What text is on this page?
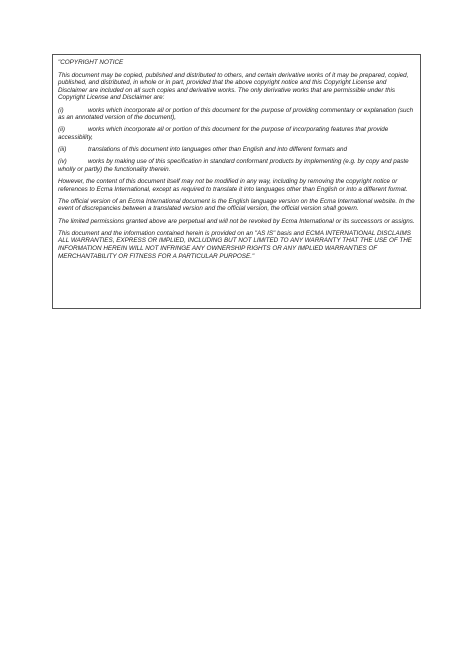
"COPYRIGHT NOTICE

This document may be copied, published and distributed to others, and certain derivative works of it may be prepared, copied, published, and distributed, in whole or in part, provided that the above copyright notice and this Copyright License and Disclaimer are included on all such copies and derivative works. The only derivative works that are permissible under this Copyright License and Disclaimer are:

(i)	works which incorporate all or portion of this document for the purpose of providing commentary or explanation (such as an annotated version of the document),
(ii)	works which incorporate all or portion of this document for the purpose of incorporating features that provide accessibility,
(iii)	translations of this document into languages other than English and into different formats and
(iv)	works by making use of this specification in standard conformant products by implementing (e.g. by copy and paste wholly or partly) the functionality therein.

However, the content of this document itself may not be modified in any way, including by removing the copyright notice or references to Ecma International, except as required to translate it into languages other than English or into a different format.

The official version of an Ecma International document is the English language version on the Ecma International website. In the event of discrepancies between a translated version and the official version, the official version shall govern.

The limited permissions granted above are perpetual and will not be revoked by Ecma International or its successors or assigns.

This document and the information contained herein is provided on an "AS IS" basis and ECMA INTERNATIONAL DISCLAIMS ALL WARRANTIES, EXPRESS OR IMPLIED, INCLUDING BUT NOT LIMITED TO ANY WARRANTY THAT THE USE OF THE INFORMATION HEREIN WILL NOT INFRINGE ANY OWNERSHIP RIGHTS OR ANY IMPLIED WARRANTIES OF MERCHANTABILITY OR FITNESS FOR A PARTICULAR PURPOSE."
